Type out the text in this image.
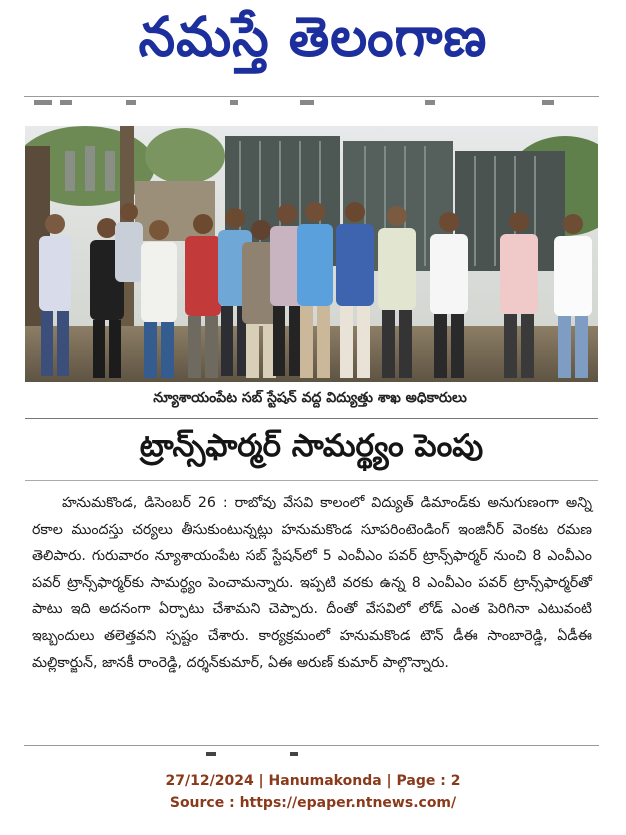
నమస్తే తెలంగాణ
న్యూశాయంపేట సబ్‌ స్టేషన్‌ వద్ద విద్యుత్తు శాఖ అధికారులు
ట్రాన్స్‌ఫార్మర్‌ సామర్థ్యం పెంపు
హనుమకొండ, డిసెంబర్‌ 26 : రాబోవు వేసవి కాలంలో విద్యుత్‌ డిమాండ్‌కు అనుగుణంగా అన్ని రకాల ముందస్తు చర్యలు తీసుకుంటున్నట్లు హనుమకొండ సూపరింటెండింగ్‌ ఇంజినీర్‌ వెంకట రమణ తెలిపారు. గురువారం న్యూశాయంపేట సబ్‌ స్టేషన్‌లో 5 ఎంవీఎం పవర్‌ ట్రాన్స్‌ఫార్మర్‌ నుంచి 8 ఎంవీఎం పవర్‌ ట్రాన్స్‌ఫార్మర్‌కు సామర్థ్యం పెంచామన్నారు. ఇప్పటి వరకు ఉన్న 8 ఎంవీఎం పవర్‌ ట్రాన్స్‌ఫార్మర్‌తో పాటు ఇది అదనంగా ఏర్పాటు చేశామని చెప్పారు. దీంతో వేసవిలో లోడ్‌ ఎంత పెరిగినా ఎటువంటి ఇబ్బందులు తలెత్తవని స్పష్టం చేశారు. కార్యక్రమంలో హనుమకొండ టౌన్‌ డీఈ సాంబారెడ్డి, ఏడీఈ మల్లికార్జున్‌, జానకీ రాంరెడ్డి, దర్శన్‌కుమార్‌, ఏఈ అరుణ్‌ కుమార్‌ పాల్గొన్నారు.
27/12/2024 | Hanumakonda | Page : 2
Source : https://epaper.ntnews.com/
